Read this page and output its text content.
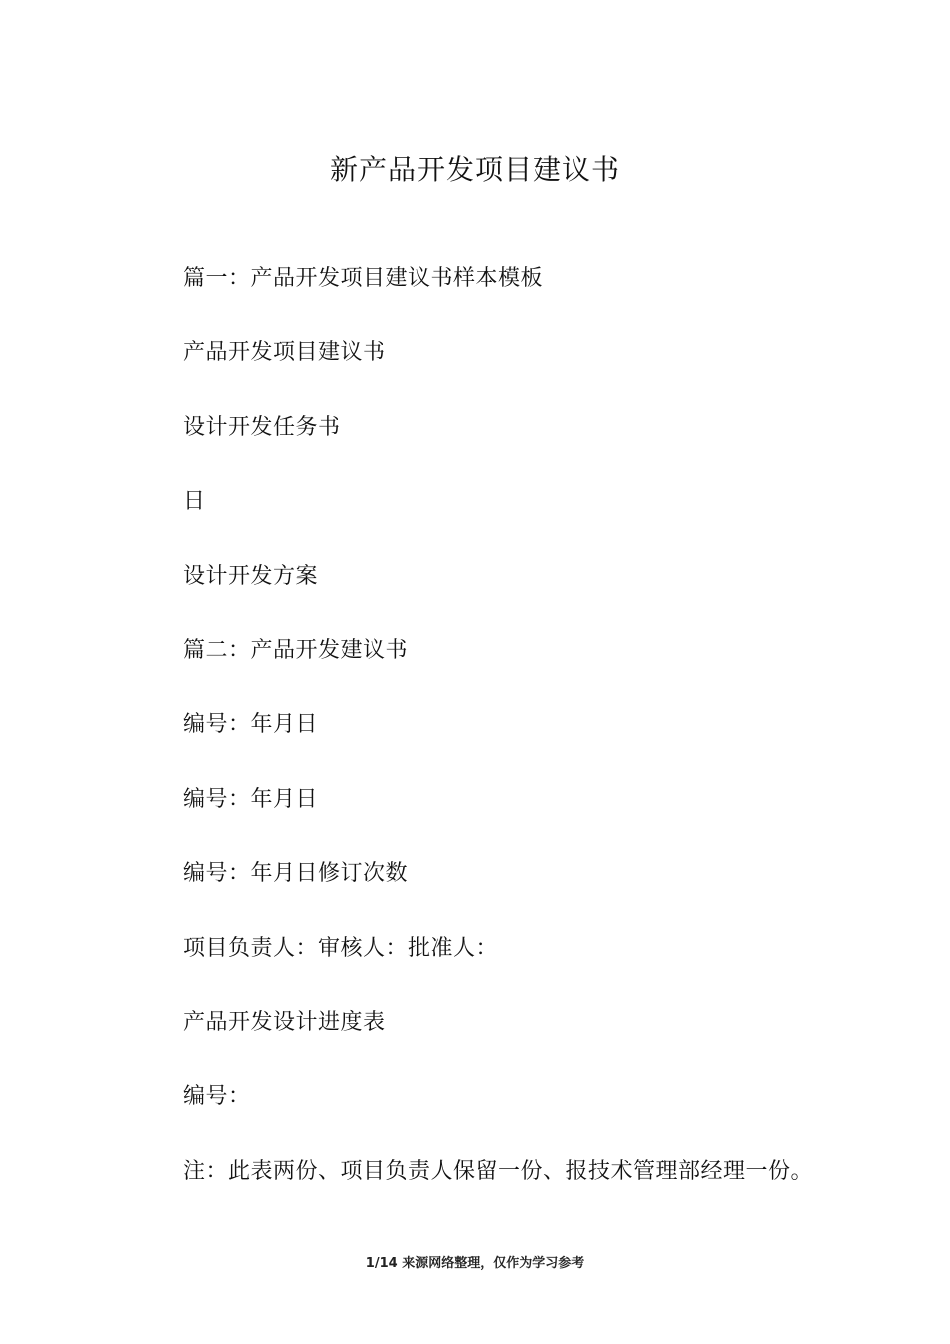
新产品开发项目建议书
篇一：产品开发项目建议书样本模板
产品开发项目建议书
设计开发任务书
日
设计开发方案
篇二：产品开发建议书
编号：年月日
编号：年月日
编号：年月日修订次数
项目负责人：审核人：批准人：
产品开发设计进度表
编号：
注：此表两份、项目负责人保留一份、报技术管理部经理一份。
1/14 来源网络整理，仅作为学习参考
